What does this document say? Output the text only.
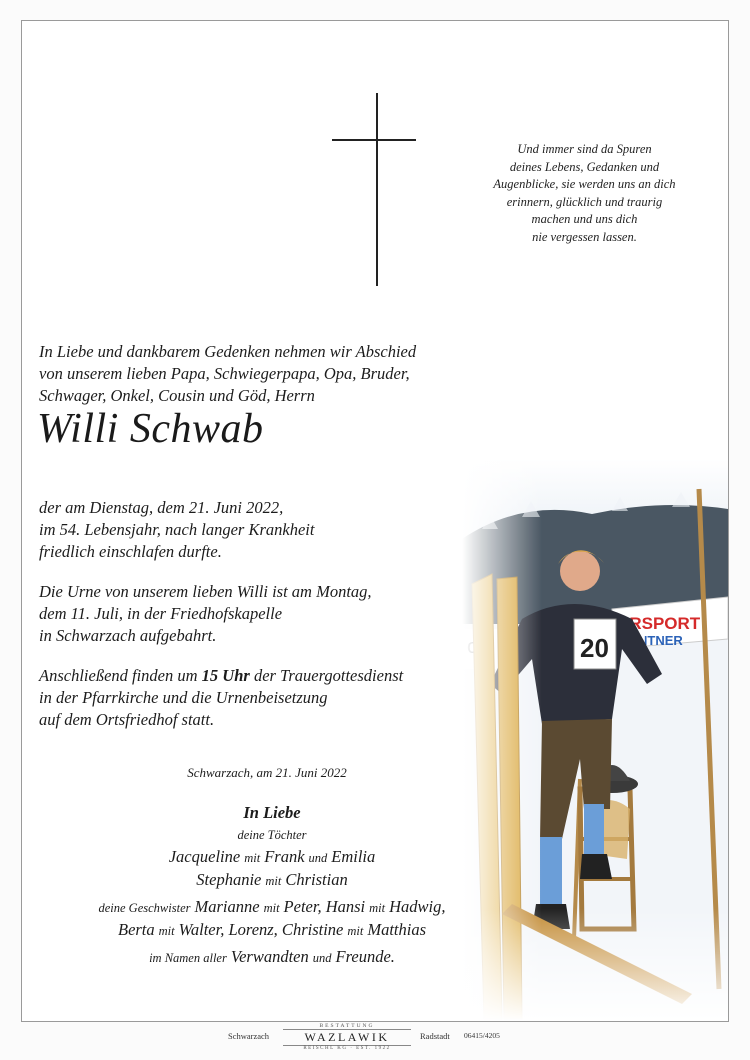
Und immer sind da Spuren
deines Lebens, Gedanken und
Augenblicke, sie werden uns an dich
erinnern, glücklich und traurig
machen und uns dich
nie vergessen lassen.
In Liebe und dankbarem Gedenken nehmen wir Abschied
von unserem lieben Papa, Schwiegerpapa, Opa, Bruder,
Schwager, Onkel, Cousin und Göd, Herrn
Willi Schwab
der am Dienstag, dem 21. Juni 2022,
im 54. Lebensjahr, nach langer Krankheit
friedlich einschlafen durfte.
Die Urne von unserem lieben Willi ist am Montag,
dem 11. Juli, in der Friedhofskapelle
in Schwarzach aufgebahrt.
Anschließend finden um 15 Uhr der Trauergottesdienst
in der Pfarrkirche und die Urnenbeisetzung
auf dem Ortsfriedhof statt.
Schwarzach, am 21. Juni 2022
In Liebe
deine Töchter
Jacqueline mit Frank und Emilia
Stephanie mit Christian
deine Geschwister Marianne mit Peter, Hansi mit Hadwig,
Berta mit Walter, Lorenz, Christine mit Matthias
im Namen aller Verwandten und Freunde.
Schwarzach
BESTATTUNG
WAZLAWIK
REISCHL KG · EST. 1922
Radstadt 06415/4205
